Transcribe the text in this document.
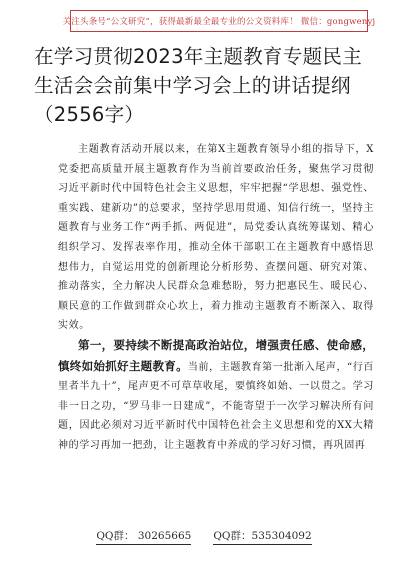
关注头条号“公文研究”，获得最新最全最专业的公文资料库！ 微信：gongwenyj
在学习贯彻2023年主题教育专题民主生活会会前集中学习会上的讲话提纲（2556字）

主题教育活动开展以来，在第X主题教育领导小组的指导下，X党委把高质量开展主题教育作为当前首要政治任务，聚焦学习贯彻习近平新时代中国特色社会主义思想，牢牢把握“学思想、强党性、重实践、建新功”的总要求，坚持学思用贯通、知信行统一，坚持主题教育与业务工作“两手抓、两促进”，局党委认真统筹谋划、精心组织学习、发挥表率作用，推动全体干部职工在主题教育中感悟思想伟力，自觉运用党的创新理论分析形势、查摆问题、研究对策、推动落实，全力解决人民群众急难愁盼，努力把惠民生、暖民心、顺民意的工作做到群众心坎上，着力推动主题教育不断深入、取得实效。

第一，要持续不断提高政治站位，增强责任感、使命感，慎终如始抓好主题教育。当前，主题教育第一批渐入尾声，“行百里者半九十”，尾声更不可草草收尾，要慎终如始、一以贯之。学习非一日之功，“罗马非一日建成”，不能寄望于一次学习解决所有问题，因此必须对习近平新时代中国特色社会主义思想和党的XX大精神的学习再加一把劲，让主题教育中养成的学习好习惯，再巩固再

QQ群： 30265665 QQ群：535304092
